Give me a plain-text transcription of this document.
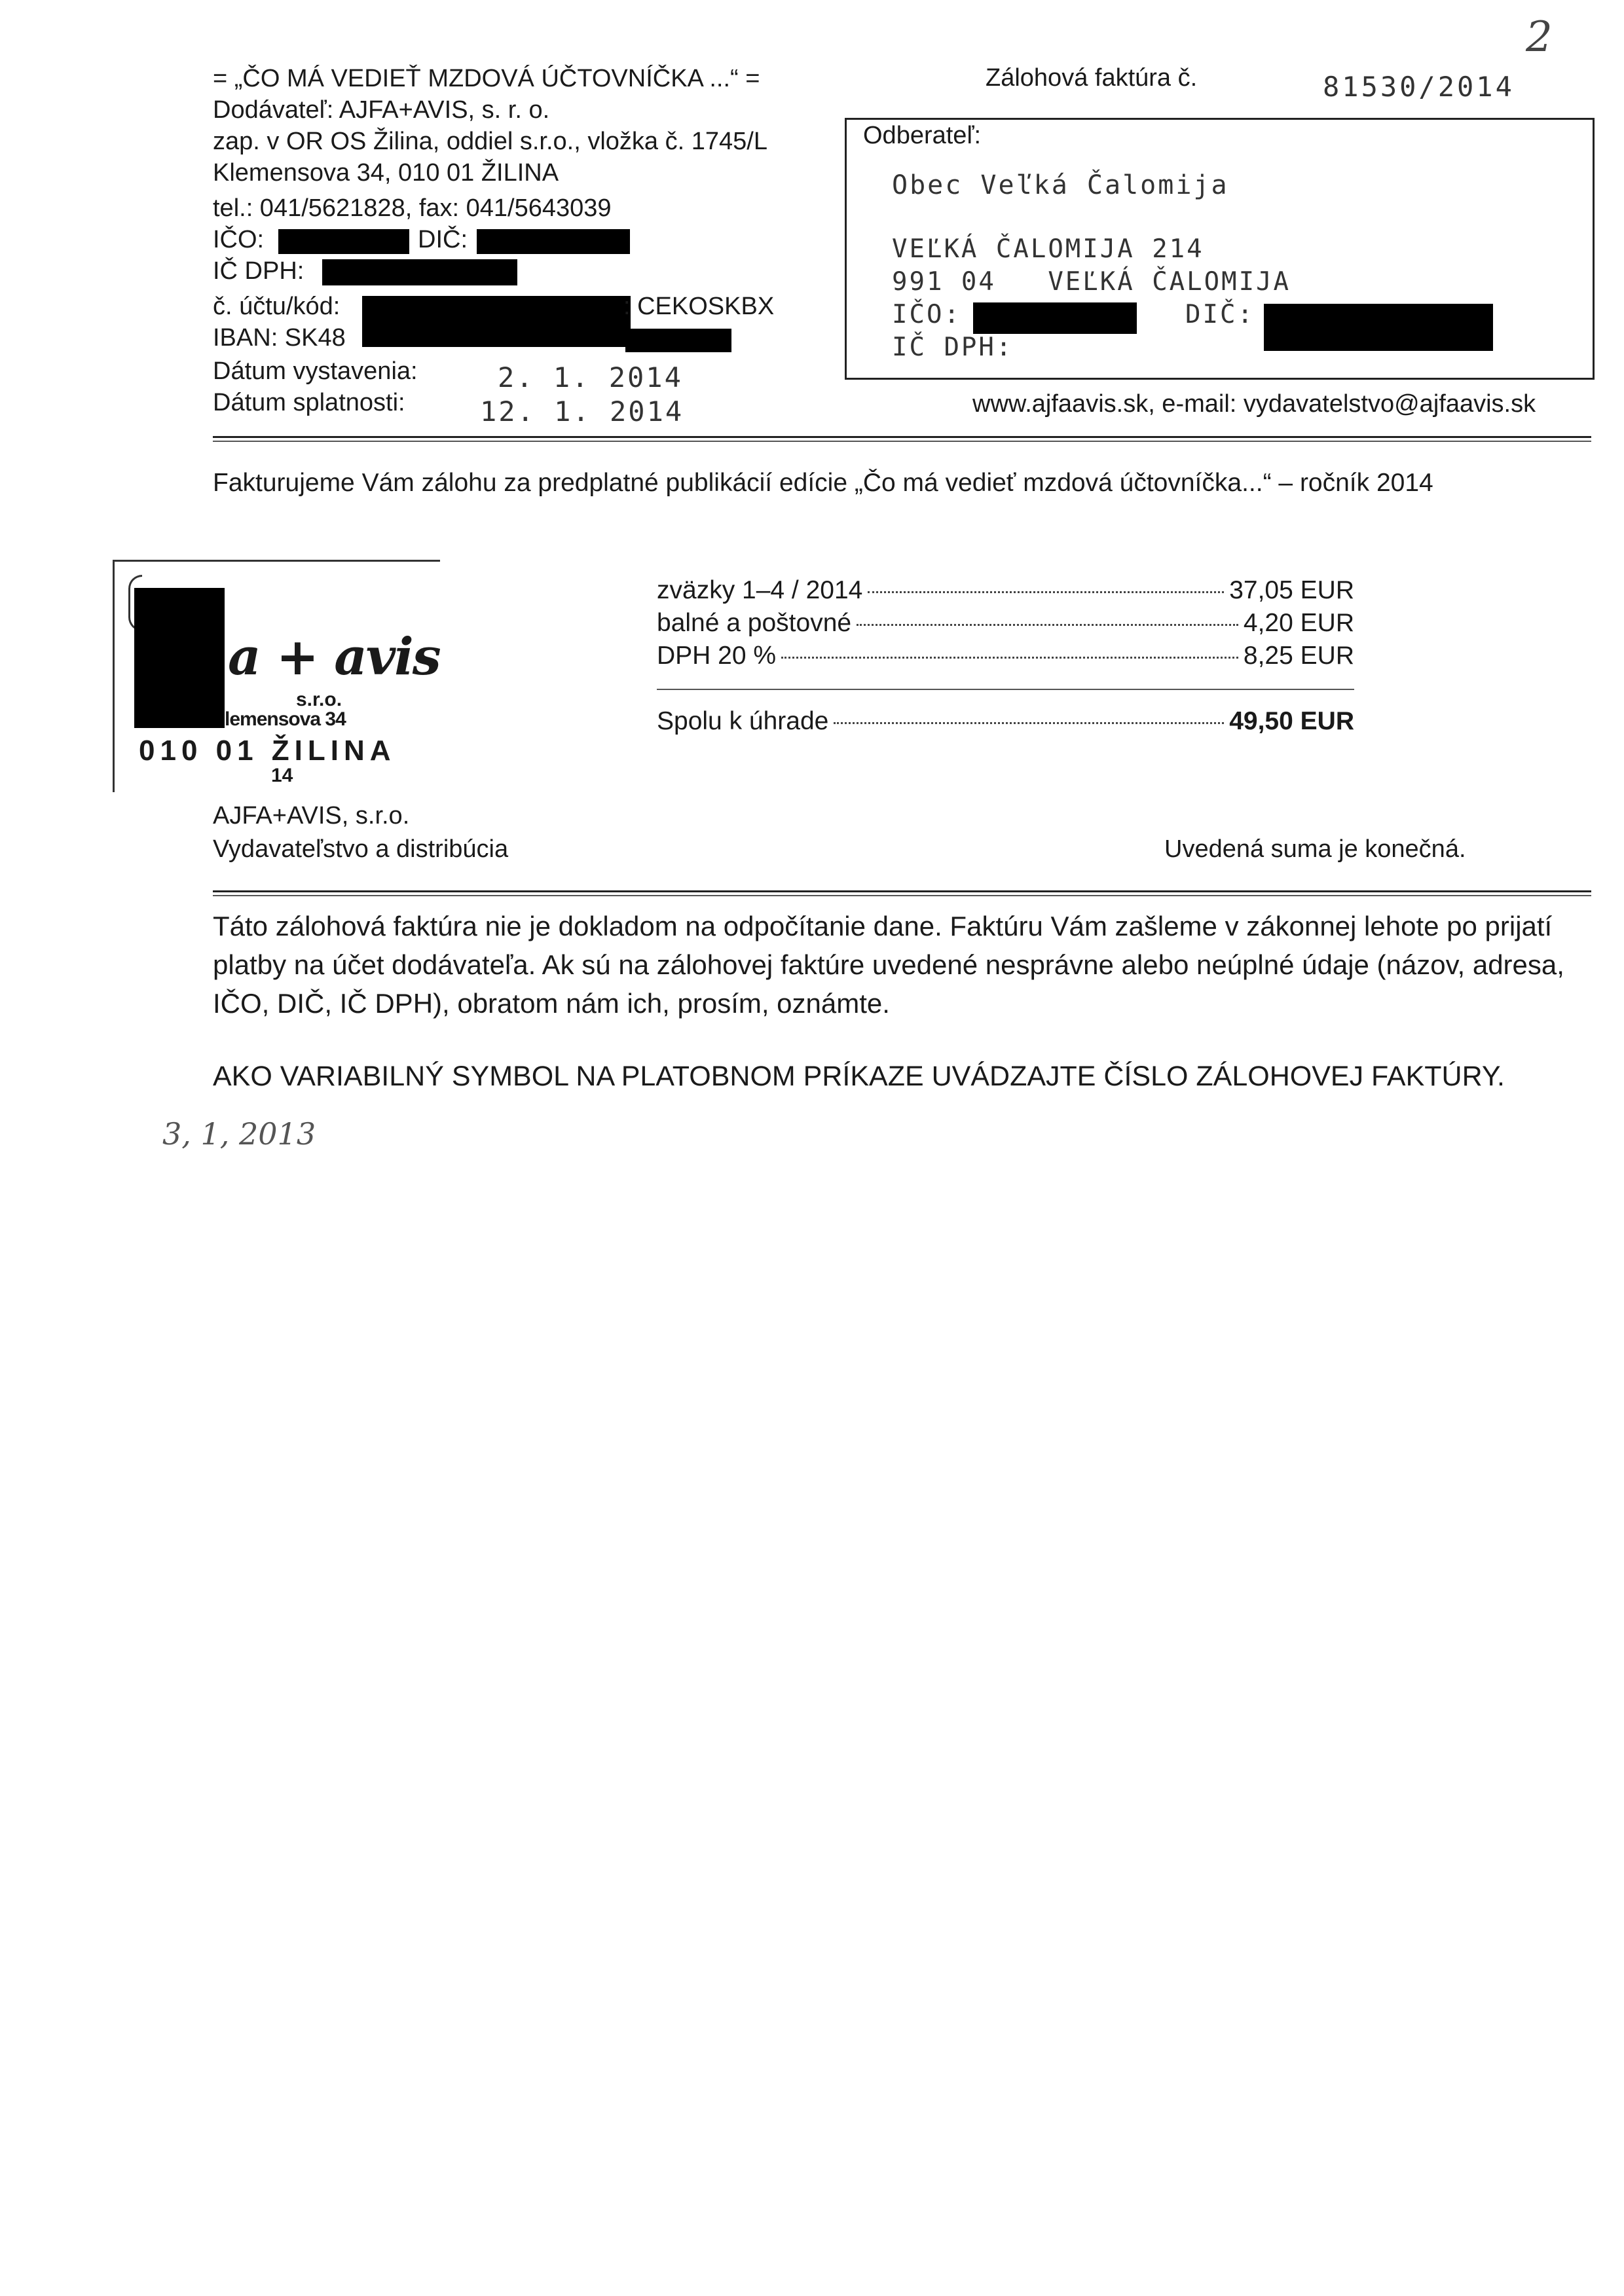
2
= „ČO MÁ VEDIEŤ MZDOVÁ ÚČTOVNÍČKA ...“ =
Dodávateľ: AJFA+AVIS, s. r. o.
zap. v OR OS Žilina, oddiel s.r.o., vložka č. 1745/L
Klemensova 34, 010 01 ŽILINA
tel.: 041/5621828, fax: 041/5643039
IČO:	DIČ:
IČ DPH:
č. účtu/kód:	: CEKOSKBX
IBAN: SK48
Dátum vystavenia:	2. 1. 2014
Dátum splatnosti:	12. 1. 2014
Zálohová faktúra č.	81530/2014
Odberateľ:
Obec Veľká Čalomija
VEĽKÁ ČALOMIJA 214
991 04   VEĽKÁ ČALOMIJA
IČO:	DIČ:
IČ DPH:
www.ajfaavis.sk, e-mail: vydavatelstvo@ajfaavis.sk
Fakturujeme Vám zálohu za predplatné publikácií edície „Čo má vedieť mzdová účtovníčka...“ – ročník 2014
a + avis
s.r.o.
lemensova 34
010 01 ŽILINA
14
AJFA+AVIS, s.r.o.
Vydavateľstvo a distribúcia
zväzky 1–4 / 2014	37,05 EUR
balné a poštovné	4,20 EUR
DPH 20 %	8,25 EUR
Spolu k úhrade	49,50 EUR
Uvedená suma je konečná.
Táto zálohová faktúra nie je dokladom na odpočítanie dane. Faktúru Vám zašleme v zákonnej lehote po prijatí platby na účet dodávateľa. Ak sú na zálohovej faktúre uvedené nesprávne alebo neúplné údaje (názov, adresa, IČO, DIČ, IČ DPH), obratom nám ich, prosím, oznámte.
AKO VARIABILNÝ SYMBOL NA PLATOBNOM PRÍKAZE UVÁDZAJTE ČÍSLO ZÁLOHOVEJ FAKTÚRY.
3, 1, 2013
